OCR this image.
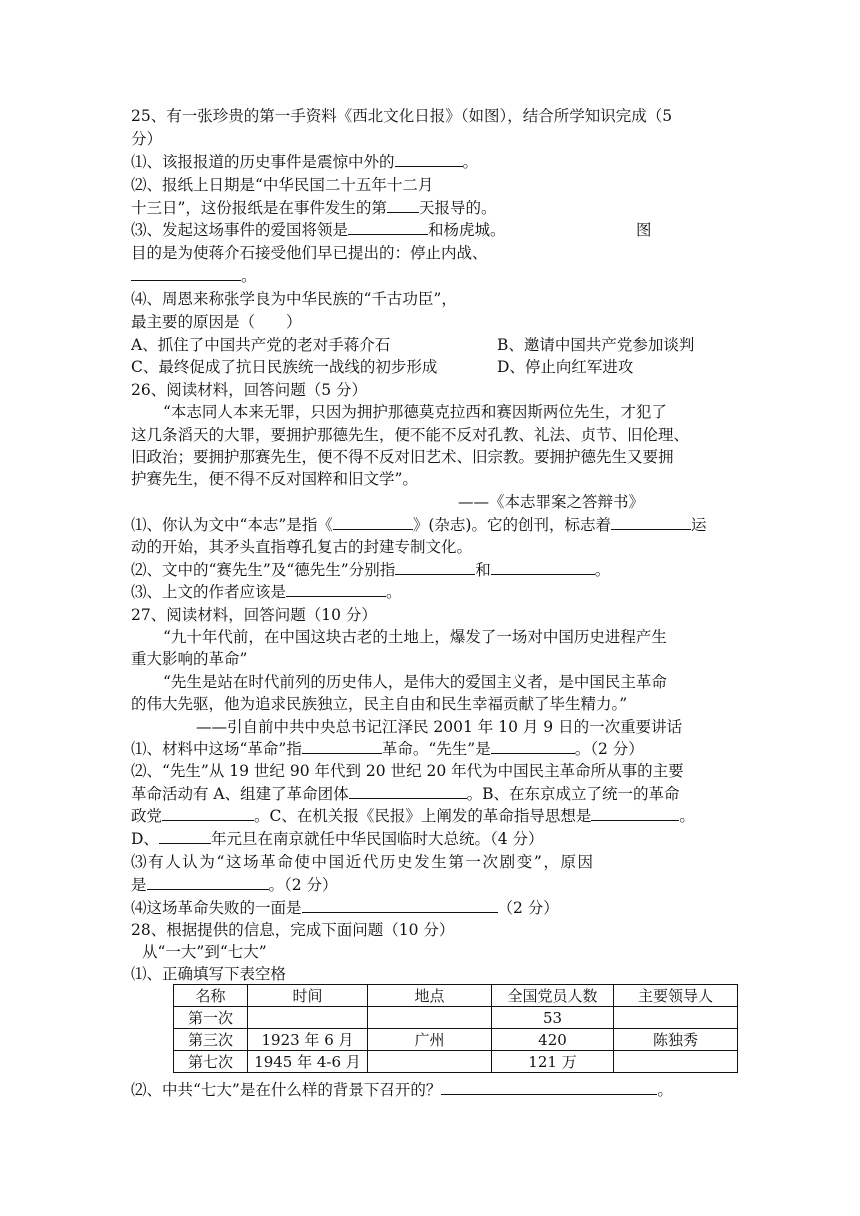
25、有一张珍贵的第一手资料《西北文化日报》（如图），结合所学知识完成（5
分）
⑴、该报报道的历史事件是震惊中外的	。
⑵、报纸上日期是“中华民国二十五年十二月
十三日”，这份报纸是在事件发生的第 天报导的。
⑶、发起这场事件的爱国将领是	和杨虎城。	图
目的是为使蒋介石接受他们早已提出的：停止内战、
。
⑷、周恩来称张学良为中华民族的“千古功臣”，
最主要的原因是（　　）
A、抓住了中国共产党的老对手蒋介石	B、邀请中国共产党参加谈判
C、最终促成了抗日民族统一战线的初步形成	D、停止向红军进攻
26、阅读材料，回答问题（5 分）
“本志同人本来无罪，只因为拥护那德莫克拉西和赛因斯两位先生，才犯了
这几条滔天的大罪，要拥护那德先生，便不能不反对孔教、礼法、贞节、旧伦理、
旧政治；要拥护那赛先生，便不得不反对旧艺术、旧宗教。要拥护德先生又要拥
护赛先生，便不得不反对国粹和旧文学”。
——《本志罪案之答辩书》
⑴、你认为文中“本志”是指《	》(杂志)。它的创刊，标志着	运
动的开始，其矛头直指尊孔复古的封建专制文化。
⑵、文中的“赛先生”及“德先生”分别指	和	。
⑶、上文的作者应该是	。
27、阅读材料，回答问题（10 分）
“九十年代前，在中国这块古老的土地上，爆发了一场对中国历史进程产生
重大影响的革命”
“先生是站在时代前列的历史伟人，是伟大的爱国主义者，是中国民主革命
的伟大先驱，他为追求民族独立，民主自由和民生幸福贡献了毕生精力。”
——引自前中共中央总书记江泽民 2001 年 10 月 9 日的一次重要讲话
⑴、材料中这场“革命”指	革命。“先生”是	。（2 分）
⑵、“先生”从 19 世纪 90 年代到 20 世纪 20 年代为中国民主革命所从事的主要
革命活动有 A、组建了革命团体	。B、在东京成立了统一的革命
政党	。C、在机关报《民报》上阐发的革命指导思想是	。
D、	年元旦在南京就任中华民国临时大总统。（4 分）
⑶有人认为“这场革命使中国近代历史发生第一次剧变”，原因
是	。（2 分）
⑷这场革命失败的一面是	（2 分）
28、根据提供的信息，完成下面问题（10 分）
从“一大”到“七大”
⑴、正确填写下表空格
名称	时间	地点	全国党员人数	主要领导人
第一次			53	
第三次	1923 年 6 月	广州	420	陈独秀
第七次	1945 年 4-6 月		121 万	
⑵、中共“七大”是在什么样的背景下召开的？	。
